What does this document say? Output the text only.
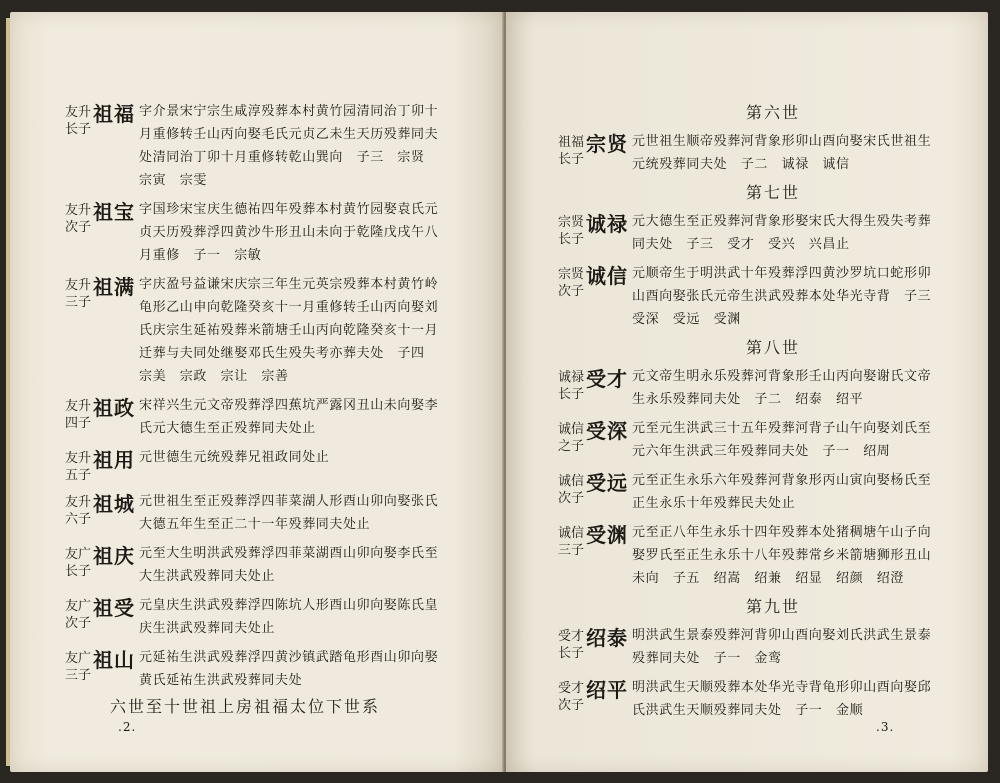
友升
长子
祖福 字介景宋宁宗生咸淳殁葬本村黄竹园清同治丁卯十

月重修转壬山丙向娶毛氏元贞乙未生天历殁葬同夫

处清同治丁卯十月重修转乾山巽向　子三　宗贤

宗寅　宗雯

友升
次子
祖宝 字国珍宋宝庆生德祐四年殁葬本村黄竹园娶袁氏元

贞天历殁葬浮四黄沙牛形丑山未向于乾隆戊戌午八

月重修　子一　宗敏

友升
三子
祖满 字庆盈号益谦宋庆宗三年生元英宗殁葬本村黄竹岭

龟形乙山申向乾隆癸亥十一月重修转壬山丙向娶刘

氏庆宗生延祐殁葬米箭塘壬山丙向乾隆癸亥十一月

迁葬与夫同处继娶邓氏生殁失考亦葬夫处　子四

宗美　宗政　宗让　宗善

友升
四子
祖政 宋祥兴生元文帝殁葬浮四蕉坑严露冈丑山未向娶李

氏元大德生至正殁葬同夫处止

友升
五子
祖用 元世德生元统殁葬兄祖政同处止

友升
六子
祖城 元世祖生至正殁葬浮四菲菜湖人形酉山卯向娶张氏

大德五年生至正二十一年殁葬同夫处止

友广
长子
祖庆 元至大生明洪武殁葬浮四菲菜湖酉山卯向娶李氏至

大生洪武殁葬同夫处止

友广
次子
祖受 元皇庆生洪武殁葬浮四陈坑人形酉山卯向娶陈氏皇

庆生洪武殁葬同夫处止

友广
三子
祖山 元延祐生洪武殁葬浮四黄沙镇武踏龟形酉山卯向娶

黄氏延祐生洪武殁葬同夫处

六世至十世祖上房祖福太位下世系
.2.
第六世
祖福
长子
宗贤 元世祖生顺帝殁葬河背象形卯山酉向娶宋氏世祖生

元统殁葬同夫处　子二　诚禄　诚信

第七世
宗贤
长子
诚禄 元大德生至正殁葬河背象形娶宋氏大得生殁失考葬

同夫处　子三　受才　受兴　兴昌止

宗贤
次子
诚信 元顺帝生于明洪武十年殁葬浮四黄沙罗坑口蛇形卯

山酉向娶张氏元帝生洪武殁葬本处华光寺背　子三

受深　受远　受渊

第八世
诚禄
长子
受才 元文帝生明永乐殁葬河背象形壬山丙向娶谢氏文帝

生永乐殁葬同夫处　子二　绍泰　绍平

诚信
之子
受深 元至元生洪武三十五年殁葬河背子山午向娶刘氏至

元六年生洪武三年殁葬同夫处　子一　绍周

诚信
次子
受远 元至正生永乐六年殁葬河背象形丙山寅向娶杨氏至

正生永乐十年殁葬民夫处止

诚信
三子
受渊 元至正八年生永乐十四年殁葬本处猪稠塘午山子向

娶罗氏至正生永乐十八年殁葬常乡米箭塘狮形丑山

未向　子五　绍嵩　绍兼　绍显　绍颜　绍澄

第九世
受才
长子
绍泰 明洪武生景泰殁葬河背卯山酉向娶刘氏洪武生景泰

殁葬同夫处　子一　金鸾

受才
次子
绍平 明洪武生天顺殁葬本处华光寺背龟形卯山酉向娶邱

氏洪武生天顺殁葬同夫处　子一　金顺

.3.
